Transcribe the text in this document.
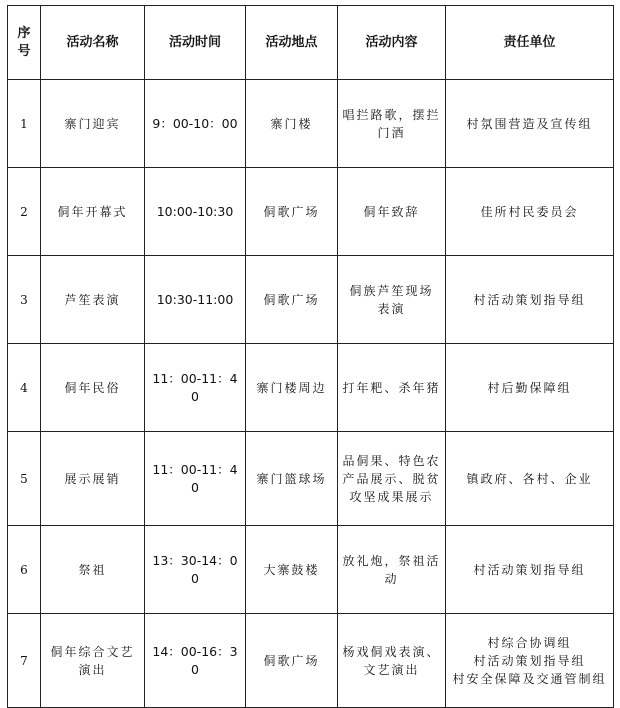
序号	活动名称	活动时间	活动地点	活动内容	责任单位
1	寨门迎宾	9：00-10：00	寨门楼	唱拦路歌，摆拦
门酒	村氛围营造及宣传组

2	侗年开幕式	10:00-10:30	侗歌广场	侗年致辞	佳所村民委员会

3	芦笙表演	10:30-11:00	侗歌广场	侗族芦笙现场
表演	村活动策划指导组

4	侗年民俗	11：00-11：40	寨门楼周边	打年粑、杀年猪	村后勤保障组

5	展示展销	11：00-11：40	寨门篮球场	品侗果、特色农
产品展示、脱贫
攻坚成果展示	镇政府、各村、企业

6	祭祖	13：30-14：00	大寨鼓楼	放礼炮，祭祖活
动	村活动策划指导组

7	侗年综合文艺演出	14：00-16：30	侗歌广场	杨戏侗戏表演、
文艺演出	村综合协调组
村活动策划指导组
村安全保障及交通管制组
